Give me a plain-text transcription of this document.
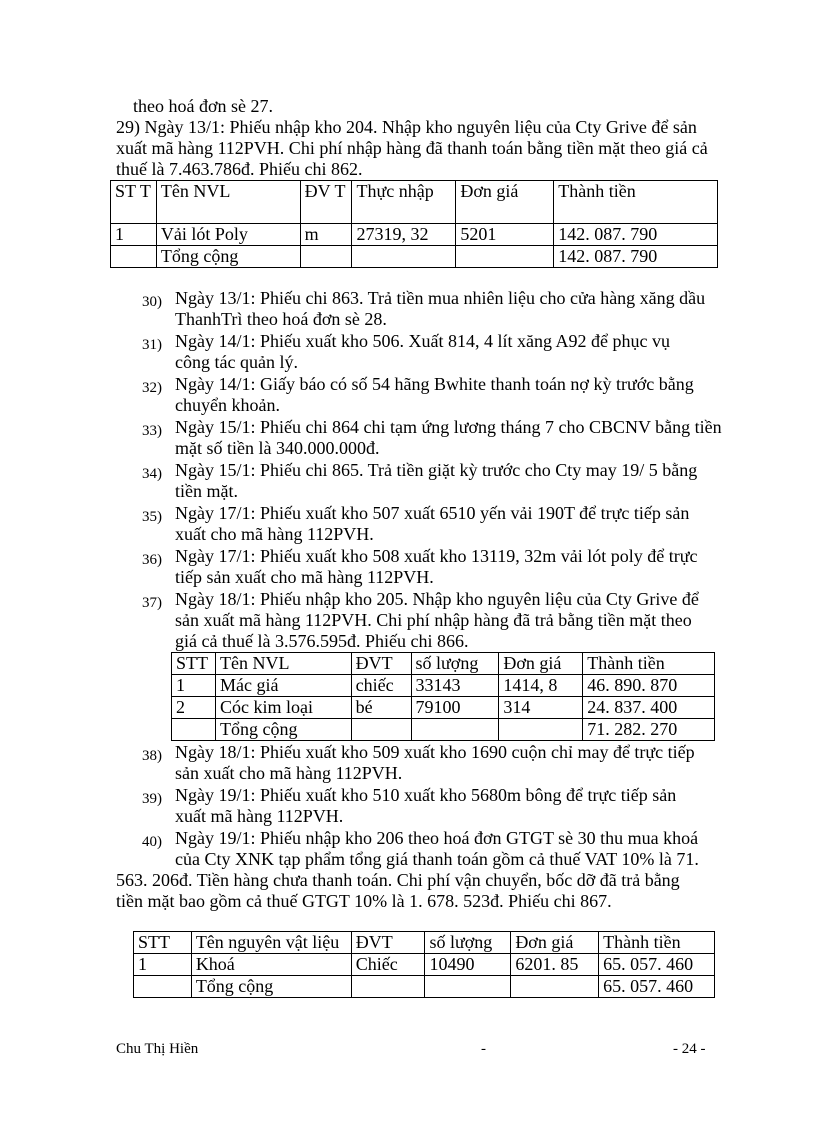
theo hoá đơn sè 27.
29) Ngày 13/1: Phiếu nhập kho 204. Nhập kho nguyên liệu của Cty Grive để sản
xuất mã hàng 112PVH. Chi phí nhập hàng đã thanh toán bằng tiền mặt theo giá cả
thuế là 7.463.786đ. Phiếu chi 862.
ST T	Tên NVL	ĐV T	Thực nhập	Đơn giá	Thành tiền
1	Vải lót Poly	m	27319, 32	5201	142. 087. 790
	Tổng cộng				142. 087. 790
30) Ngày 13/1: Phiếu chi 863. Trả tiền mua nhiên liệu cho cửa hàng xăng dầu
ThanhTrì theo hoá đơn sè 28.
31) Ngày 14/1: Phiếu xuất kho 506. Xuất 814, 4 lít xăng A92 để phục vụ
công tác quản lý.
32) Ngày 14/1: Giấy báo có số 54 hãng Bwhite thanh toán nợ kỳ trước bằng
chuyển khoản.
33) Ngày 15/1: Phiếu chi 864 chi tạm ứng lương tháng 7 cho CBCNV bằng tiền
mặt số tiền là 340.000.000đ.
34) Ngày 15/1: Phiếu chi 865. Trả tiền giặt kỳ trước cho Cty may 19/ 5 bằng
tiền mặt.
35) Ngày 17/1: Phiếu xuất kho 507 xuất 6510 yến vải 190T để trực tiếp sản
xuất cho mã hàng 112PVH.
36) Ngày 17/1: Phiếu xuất kho 508 xuất kho 13119, 32m vải lót poly để trực
tiếp sản xuất cho mã hàng 112PVH.
37) Ngày 18/1: Phiếu nhập kho 205. Nhập kho nguyên liệu của Cty Grive để
sản xuất mã hàng 112PVH. Chi phí nhập hàng đã trả bằng tiền mặt theo
giá cả thuế là 3.576.595đ. Phiếu chi 866.
STT	Tên NVL	ĐVT	số lượng	Đơn giá	Thành tiền
1	Mác giá	chiếc	33143	1414, 8	46. 890. 870
2	Cóc kim loại	bé	79100	314	24. 837. 400
	Tổng cộng				71. 282. 270
38) Ngày 18/1: Phiếu xuất kho 509 xuất kho 1690 cuộn chỉ may để trực tiếp
sản xuất cho mã hàng 112PVH.
39) Ngày 19/1: Phiếu xuất kho 510 xuất kho 5680m bông để trực tiếp sản
xuất mã hàng 112PVH.
40) Ngày 19/1: Phiếu nhập kho 206 theo hoá đơn GTGT sè 30 thu mua khoá
của Cty XNK tạp phẩm tổng giá thanh toán gồm cả thuế VAT 10% là 71.
563. 206đ. Tiền hàng chưa thanh toán. Chi phí vận chuyển, bốc dỡ đã trả bằng
tiền mặt bao gồm cả thuế GTGT 10% là 1. 678. 523đ. Phiếu chi 867.
STT	Tên nguyên vật liệu	ĐVT	số lượng	Đơn giá	Thành tiền
1	Khoá	Chiếc	10490	6201. 85	65. 057. 460
	Tổng cộng				65. 057. 460
Chu Thị Hiền	-	- 24 -
